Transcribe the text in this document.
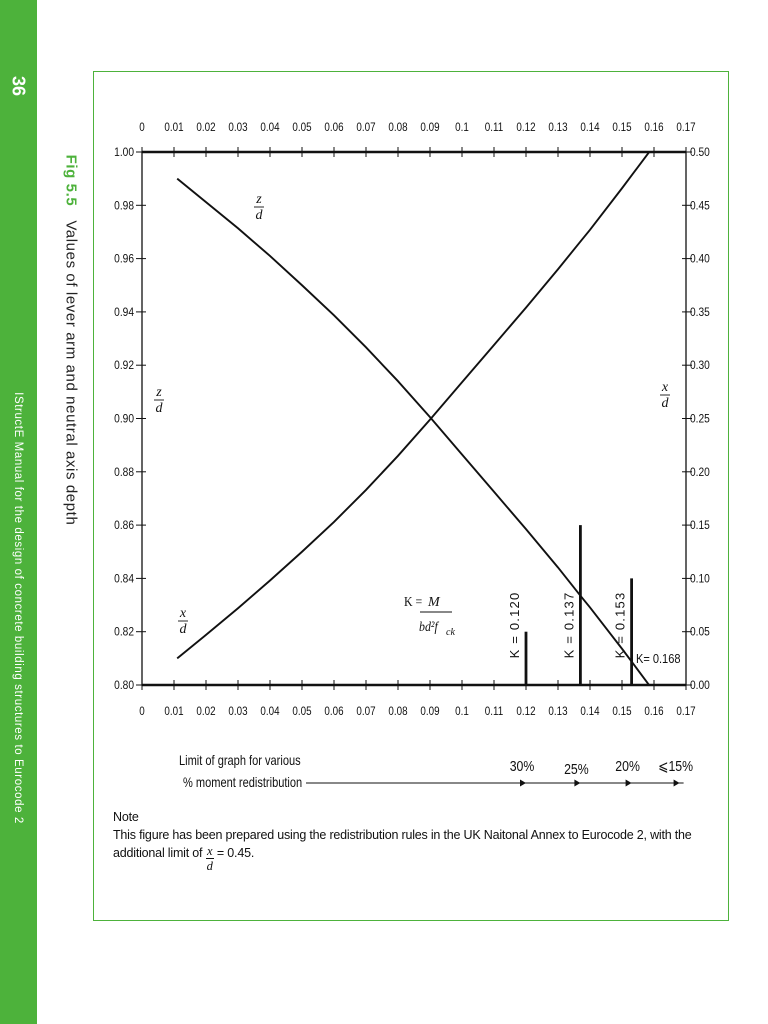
36
IStructE Manual for the design of concrete building structures to Eurocode 2
Fig 5.5Values of lever arm and neutral axis depth
0
0
0.01
0.01
0.02
0.02
0.03
0.03
0.04
0.04
0.05
0.05
0.06
0.06
0.07
0.07
0.08
0.08
0.09
0.09
0.1
0.1
0.11
0.11
0.12
0.12
0.13
0.13
0.14
0.14
0.15
0.15
0.16
0.16
0.17
0.17
0.80
0.82
0.84
0.86
0.88
0.90
0.92
0.94
0.96
0.98
1.00
0.00
0.05
0.10
0.15
0.20
0.25
0.30
0.35
0.40
0.45
0.50
z
d
x
d
z
d
x
d	K = 0.120	K = 0.137	K = 0.153
K= 0.168
K = M
bd²f ck
Limit of graph for various
% moment redistribution
30% 25% 20% ⩽15%
Note
This figure has been prepared using the redistribution rules in the UK Naitonal Annex to Eurocode 2, with the
additional limit of $\frac{x}{d} = 0.45$.
